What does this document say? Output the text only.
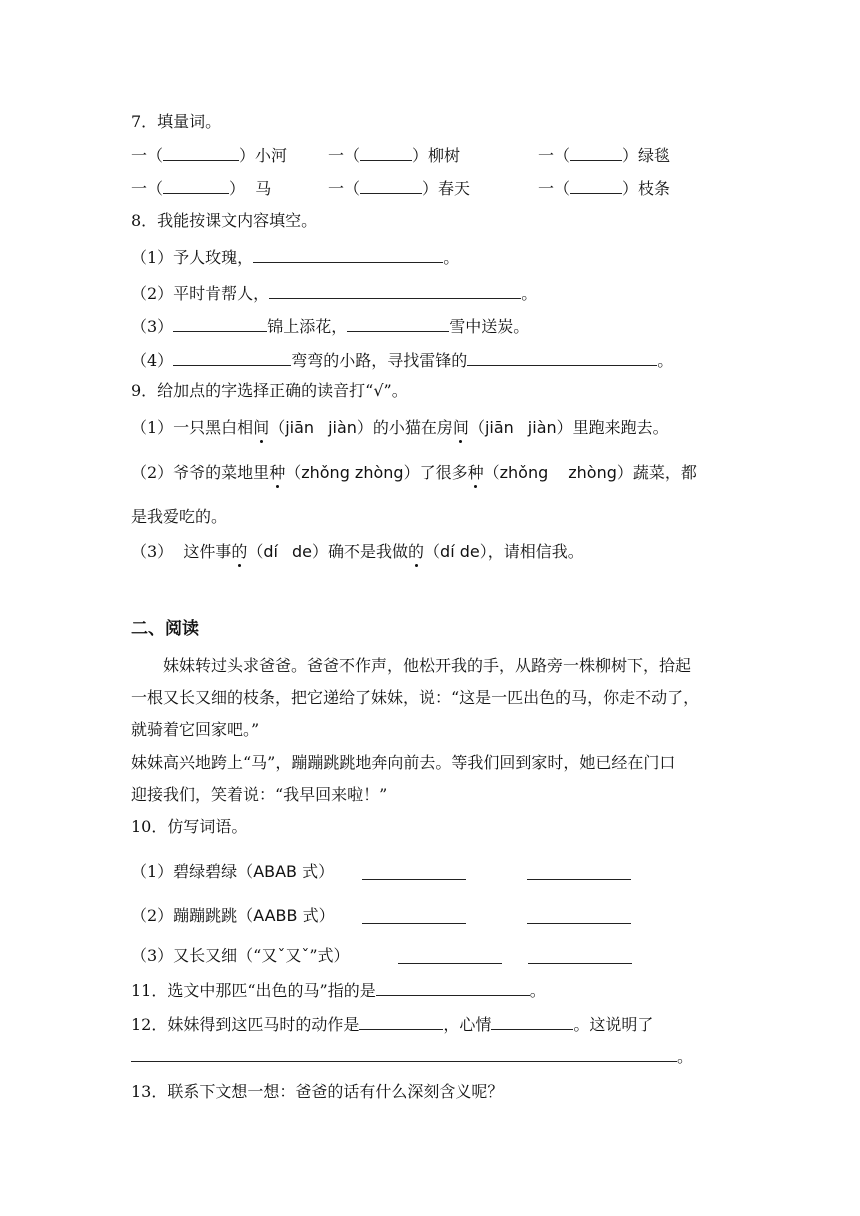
7．填量词。
一（	）小河	一（	）柳树	一（	）绿毯
一（	）  马	一（	）春天	一（	）枝条
8．我能按课文内容填空。
（1）予人玫瑰，	。
（2）平时肯帮人，	。
（3）	锦上添花，	雪中送炭。
（4）	弯弯的小路，寻找雷锋的	。
9．给加点的字选择正确的读音打“√”。
（1）一只黑白相间（jiān jiàn）的小猫在房间（jiān jiàn）里跑来跑去。
（2）爷爷的菜地里种（zhǒng zhòng）了很多种（zhǒng zhòng）蔬菜，都
是我爱吃的。
（3）  这件事的（dí de）确不是我做的（dí de），请相信我。
二、阅读
妹妹转过头求爸爸。爸爸不作声，他松开我的手，从路旁一株柳树下，拾起
一根又长又细的枝条，把它递给了妹妹，说：“这是一匹出色的马，你走不动了，
就骑着它回家吧。”
妹妹高兴地跨上“马”，蹦蹦跳跳地奔向前去。等我们回到家时，她已经在门口
迎接我们，笑着说：“我早回来啦！”
10．仿写词语。
（1）碧绿碧绿（ABAB 式）
（2）蹦蹦跳跳（AABB 式）
（3）又长又细（“又ˇ又ˇ”式）
11．选文中那匹“出色的马”指的是	。
12．妹妹得到这匹马时的动作是	，心情	。这说明了
。
13．联系下文想一想：爸爸的话有什么深刻含义呢？
